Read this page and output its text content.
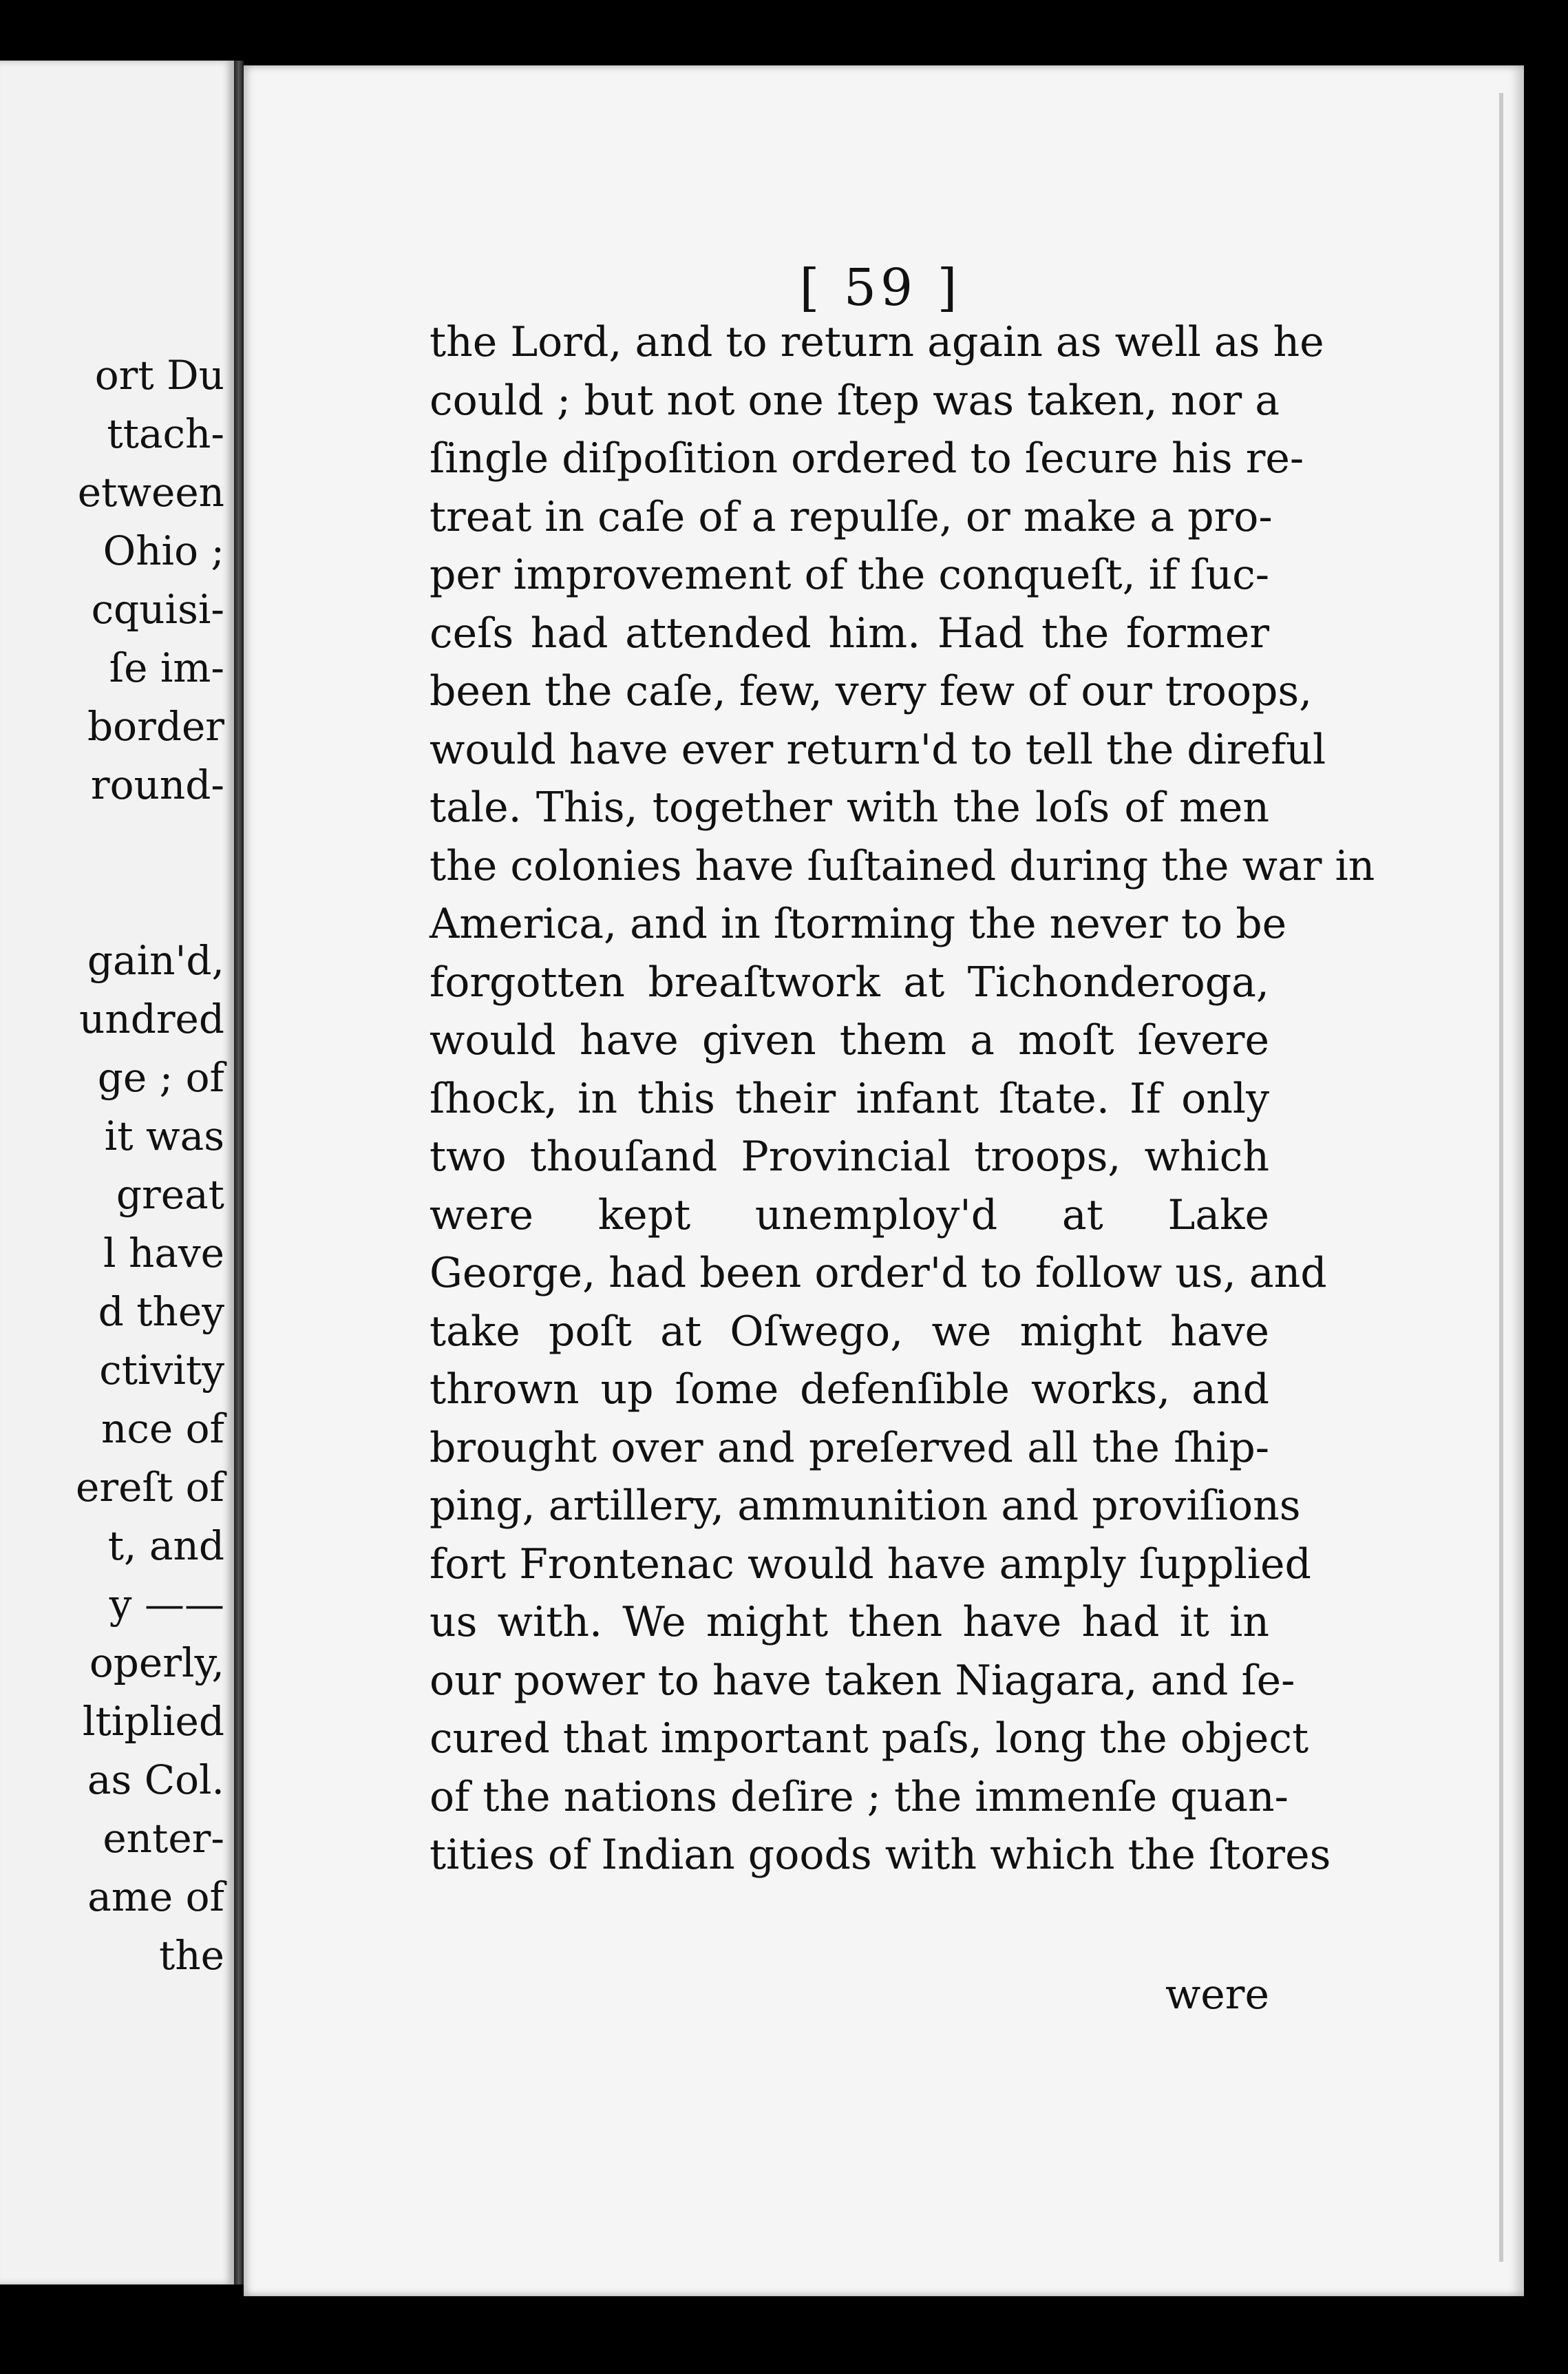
ort Du
ttach-
etween
Ohio ;
cquisi-
ſe im-
border
round-
gain'd,
undred
ge ; of
it was
great
l have
d they
ctivity
nce of
ereſt of
t, and
y ——
operly,
ltiplied
as Col.
enter-
ame of
the
[ 59 ]
the Lord, and to return again as well as he
could ; but not one ſtep was taken, nor a
ſingle diſpoſition ordered to ſecure his re-
treat in caſe of a repulſe, or make a pro-
per improvement of the conqueſt, if ſuc-
ceſs had attended him. Had the former
been the caſe, few, very few of our troops,
would have ever return'd to tell the direful
tale. This, together with the loſs of men
the colonies have ſuſtained during the war in
America, and in ſtorming the never to be
forgotten breaſtwork at Tichonderoga,
would have given them a moſt ſevere
ſhock, in this their infant ſtate. If only
two thouſand Provincial troops, which
were kept unemploy'd at Lake
George, had been order'd to follow us, and
take poſt at Oſwego, we might have
thrown up ſome defenſible works, and
brought over and preſerved all the ſhip-
ping, artillery, ammunition and proviſions
fort Frontenac would have amply ſupplied
us with. We might then have had it in
our power to have taken Niagara, and ſe-
cured that important paſs, long the object
of the nations deſire ; the immenſe quan-
tities of Indian goods with which the ſtores
were
